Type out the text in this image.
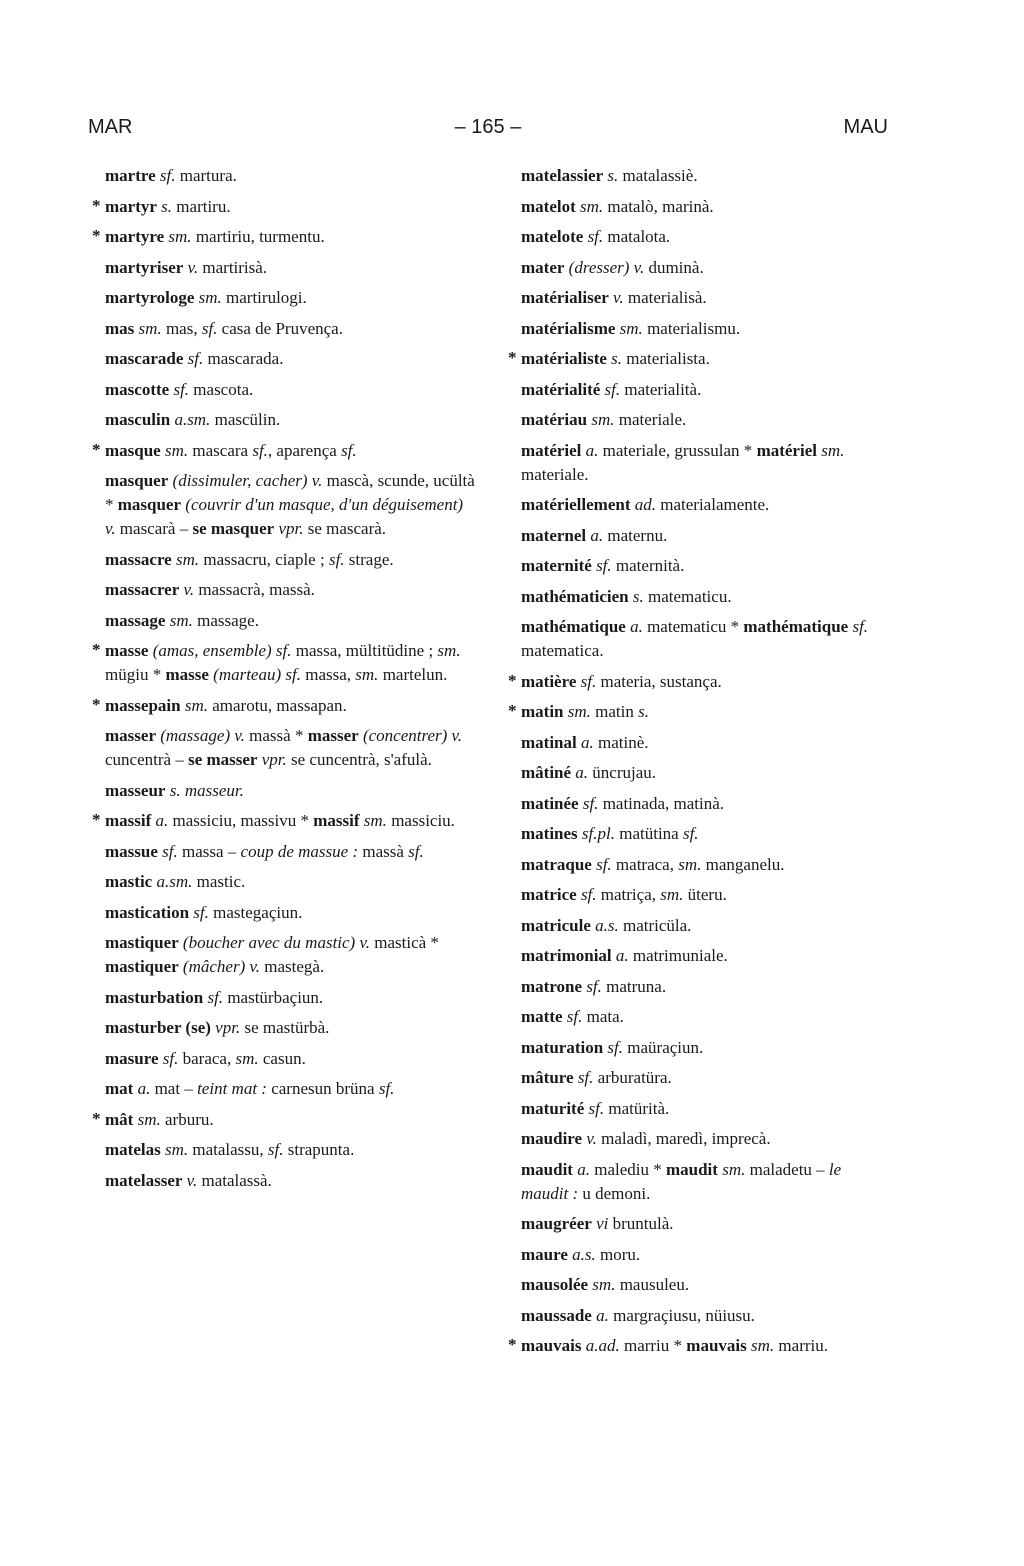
MAR	– 165 –	MAU
martre sf. martura.
* martyr s. martiru.
* martyre sm. martiriu, turmentu.
martyriser v. martirisà.
martyrologe sm. martirulogi.
mas sm. mas, sf. casa de Pruvença.
mascarade sf. mascarada.
mascotte sf. mascota.
masculin a.sm. mascülin.
* masque sm. mascara sf., aparença sf.
masquer (dissimuler, cacher) v. mascà, scunde, ucültà * masquer (couvrir d'un masque, d'un déguisement) v. mascarà – se masquer vpr. se mascarà.
massacre sm. massacru, ciaple ; sf. strage.
massacrer v. massacrà, massà.
massage sm. massage.
* masse (amas, ensemble) sf. massa, mültitüdine ; sm. mügiu * masse (marteau) sf. massa, sm. martelun.
* massepain sm. amarotu, massapan.
masser (massage) v. massà * masser (concentrer) v. cuncentrà – se masser vpr. se cuncentrà, s'afulà.
masseur s. masseur.
* massif a. massiciu, massivu * massif sm. massiciu.
massue sf. massa – coup de massue : massà sf.
mastic a.sm. mastic.
mastication sf. mastegaçiun.
mastiquer (boucher avec du mastic) v. masticà * mastiquer (mâcher) v. mastegà.
masturbation sf. mastürbaçiun.
masturber (se) vpr. se mastürbà.
masure sf. baraca, sm. casun.
mat a. mat – teint mat : carnesun brüna sf.
* mât sm. arburu.
matelas sm. matalassu, sf. strapunta.
matelasser v. matalassà.
matelassier s. matalassiè.
matelot sm. matalò, marinà.
matelote sf. matalota.
mater (dresser) v. duminà.
matérialiser v. materialisà.
matérialisme sm. materialismu.
* matérialiste s. materialista.
matérialité sf. materialità.
matériau sm. materiale.
matériel a. materiale, grussulan * matériel sm. materiale.
matériellement ad. materialamente.
maternel a. maternu.
maternité sf. maternità.
mathématicien s. matematicu.
mathématique a. matematicu * mathématique sf. matematica.
* matière sf. materia, sustança.
* matin sm. matin s.
matinal a. matinè.
mâtiné a. üncrujau.
matinée sf. matinada, matinà.
matines sf.pl. matütina sf.
matraque sf. matraca, sm. manganelu.
matrice sf. matriça, sm. üteru.
matricule a.s. matricüla.
matrimonial a. matrimuniale.
matrone sf. matruna.
matte sf. mata.
maturation sf. maüraçiun.
mâture sf. arburatüra.
maturité sf. matürità.
maudire v. maladì, maredì, imprecà.
maudit a. malediu * maudit sm. maladetu – le maudit : u demoni.
maugréer vi bruntulà.
maure a.s. moru.
mausolée sm. mausuleu.
maussade a. margraçiusu, nüiusu.
* mauvais a.ad. marriu * mauvais sm. marriu.
